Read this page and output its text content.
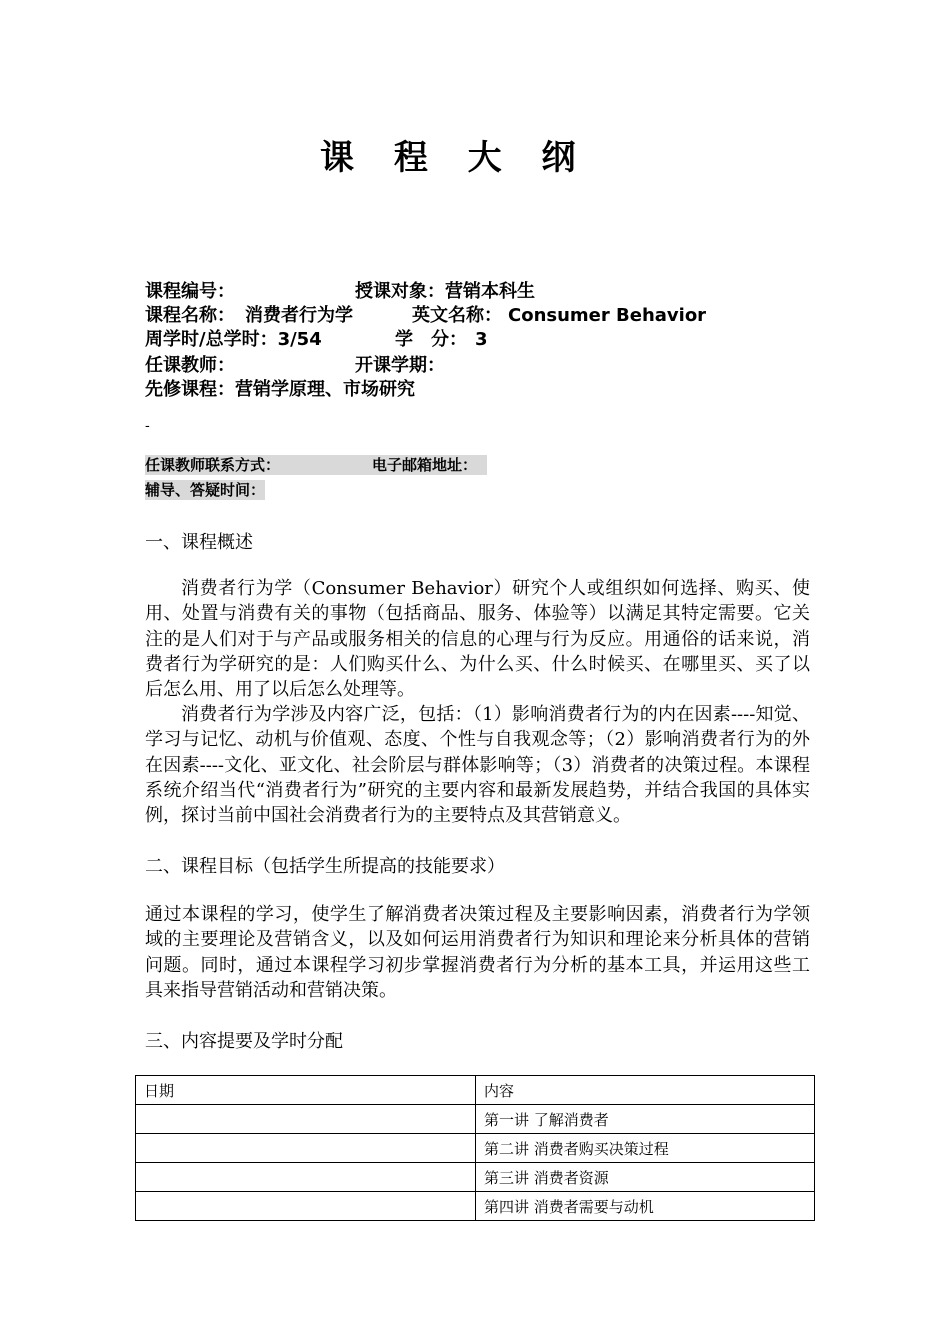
课 程 大 纲
课程编号：	授课对象：营销本科生
课程名称： 消费者行为学	英文名称： Consumer Behavior
周学时/总学时：3/54	学　分： 3
任课教师：	开课学期：
先修课程：营销学原理、市场研究
-
任课教师联系方式：	电子邮箱地址：
辅导、答疑时间：
一、课程概述
消费者行为学（Consumer Behavior）研究个人或组织如何选择、购买、使用、处置与消费有关的事物（包括商品、服务、体验等）以满足其特定需要。它关注的是人们对于与产品或服务相关的信息的心理与行为反应。用通俗的话来说，消费者行为学研究的是：人们购买什么、为什么买、什么时候买、在哪里买、买了以后怎么用、用了以后怎么处理等。
消费者行为学涉及内容广泛，包括：（1）影响消费者行为的内在因素----知觉、学习与记忆、动机与价值观、态度、个性与自我观念等；（2）影响消费者行为的外在因素----文化、亚文化、社会阶层与群体影响等；（3）消费者的决策过程。本课程系统介绍当代“消费者行为”研究的主要内容和最新发展趋势，并结合我国的具体实例，探讨当前中国社会消费者行为的主要特点及其营销意义。
二、课程目标（包括学生所提高的技能要求）
通过本课程的学习，使学生了解消费者决策过程及主要影响因素，消费者行为学领域的主要理论及营销含义，以及如何运用消费者行为知识和理论来分析具体的营销问题。同时，通过本课程学习初步掌握消费者行为分析的基本工具，并运用这些工具来指导营销活动和营销决策。
三、内容提要及学时分配
日期	内容
	第一讲 了解消费者
	第二讲 消费者购买决策过程
	第三讲 消费者资源
	第四讲 消费者需要与动机
